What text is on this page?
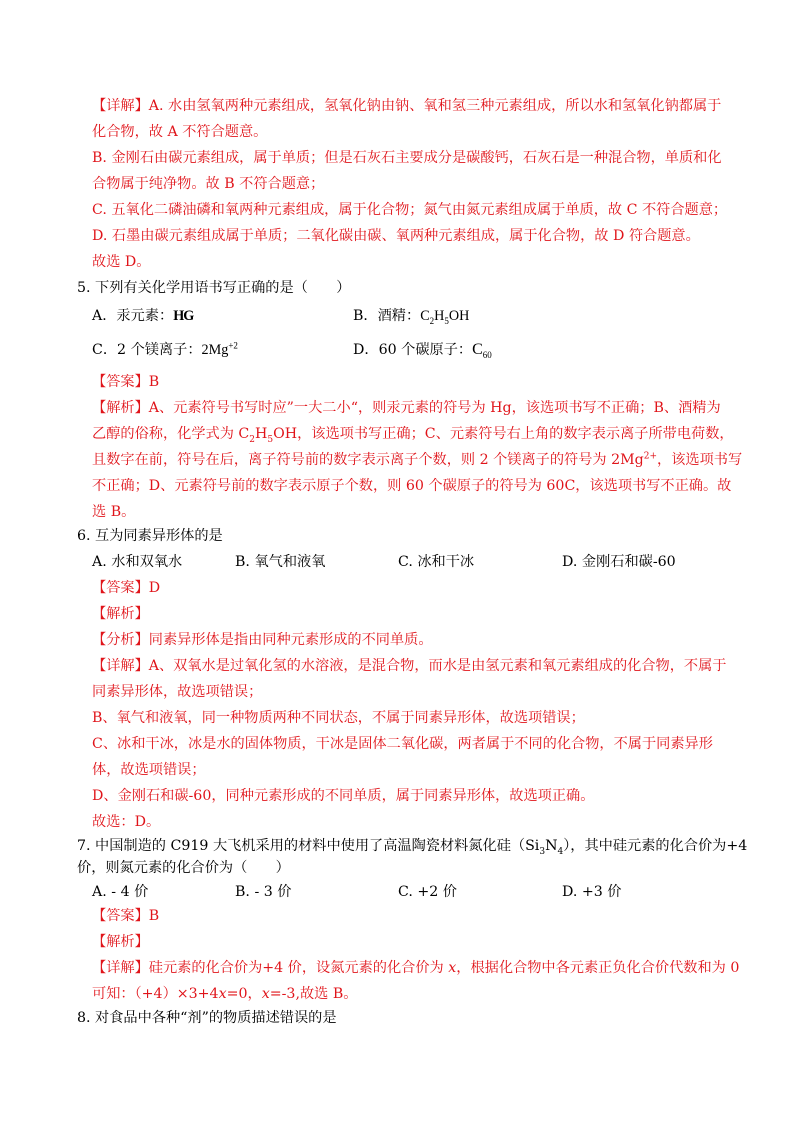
【详解】A. 水由氢氧两种元素组成，氢氧化钠由钠、氧和氢三种元素组成，所以水和氢氧化钠都属于
化合物，故 A 不符合题意。
B. 金刚石由碳元素组成，属于单质；但是石灰石主要成分是碳酸钙，石灰石是一种混合物，单质和化
合物属于纯净物。故 B 不符合题意；
C. 五氧化二磷油磷和氧两种元素组成，属于化合物；氮气由氮元素组成属于单质，故 C 不符合题意；
D. 石墨由碳元素组成属于单质；二氧化碳由碳、氧两种元素组成，属于化合物，故 D 符合题意。
故选 D。
5. 下列有关化学用语书写正确的是（　　）
A．汞元素：HG	B．酒精：$C_2H_5OH$
C．2 个镁离子：$2Mg^{+2}$	D．60 个碳原子：$C_{60}$
【答案】B
【解析】A、元素符号书写时应”一大二小“，则汞元素的符号为 Hg，该选项书写不正确；B、酒精为
乙醇的俗称，化学式为 $C_2H_5OH$，该选项书写正确；C、元素符号右上角的数字表示离子所带电荷数，
且数字在前，符号在后，离子符号前的数字表示离子个数，则 2 个镁离子的符号为 $2Mg^{2+}$，该选项书写
不正确；D、元素符号前的数字表示原子个数，则 60 个碳原子的符号为 60C，该选项书写不正确。故
选 B。
6. 互为同素异形体的是
A. 水和双氧水	B. 氧气和液氧	C. 冰和干冰	D. 金刚石和碳-60
【答案】D
【解析】
【分析】同素异形体是指由同种元素形成的不同单质。
【详解】A、双氧水是过氧化氢的水溶液，是混合物，而水是由氢元素和氧元素组成的化合物，不属于
同素异形体，故选项错误；
B、氧气和液氧，同一种物质两种不同状态，不属于同素异形体，故选项错误；
C、冰和干冰，冰是水的固体物质，干冰是固体二氧化碳，两者属于不同的化合物，不属于同素异形
体，故选项错误；
D、金刚石和碳-60，同种元素形成的不同单质，属于同素异形体，故选项正确。
故选：D。
7. 中国制造的 C919 大飞机采用的材料中使用了高温陶瓷材料氮化硅$(Si_3N_4)$，其中硅元素的化合价为+4
价，则氮元素的化合价为（　　）
A. - 4 价	B. - 3 价	C. +2 价	D. +3 价
【答案】B
【解析】
【详解】硅元素的化合价为+4 价，设氮元素的化合价为 x，根据化合物中各元素正负化合价代数和为 0
可知：（+4）×3+4x=0，x=-3,故选 B。
8. 对食品中各种“剂”的物质描述错误的是
